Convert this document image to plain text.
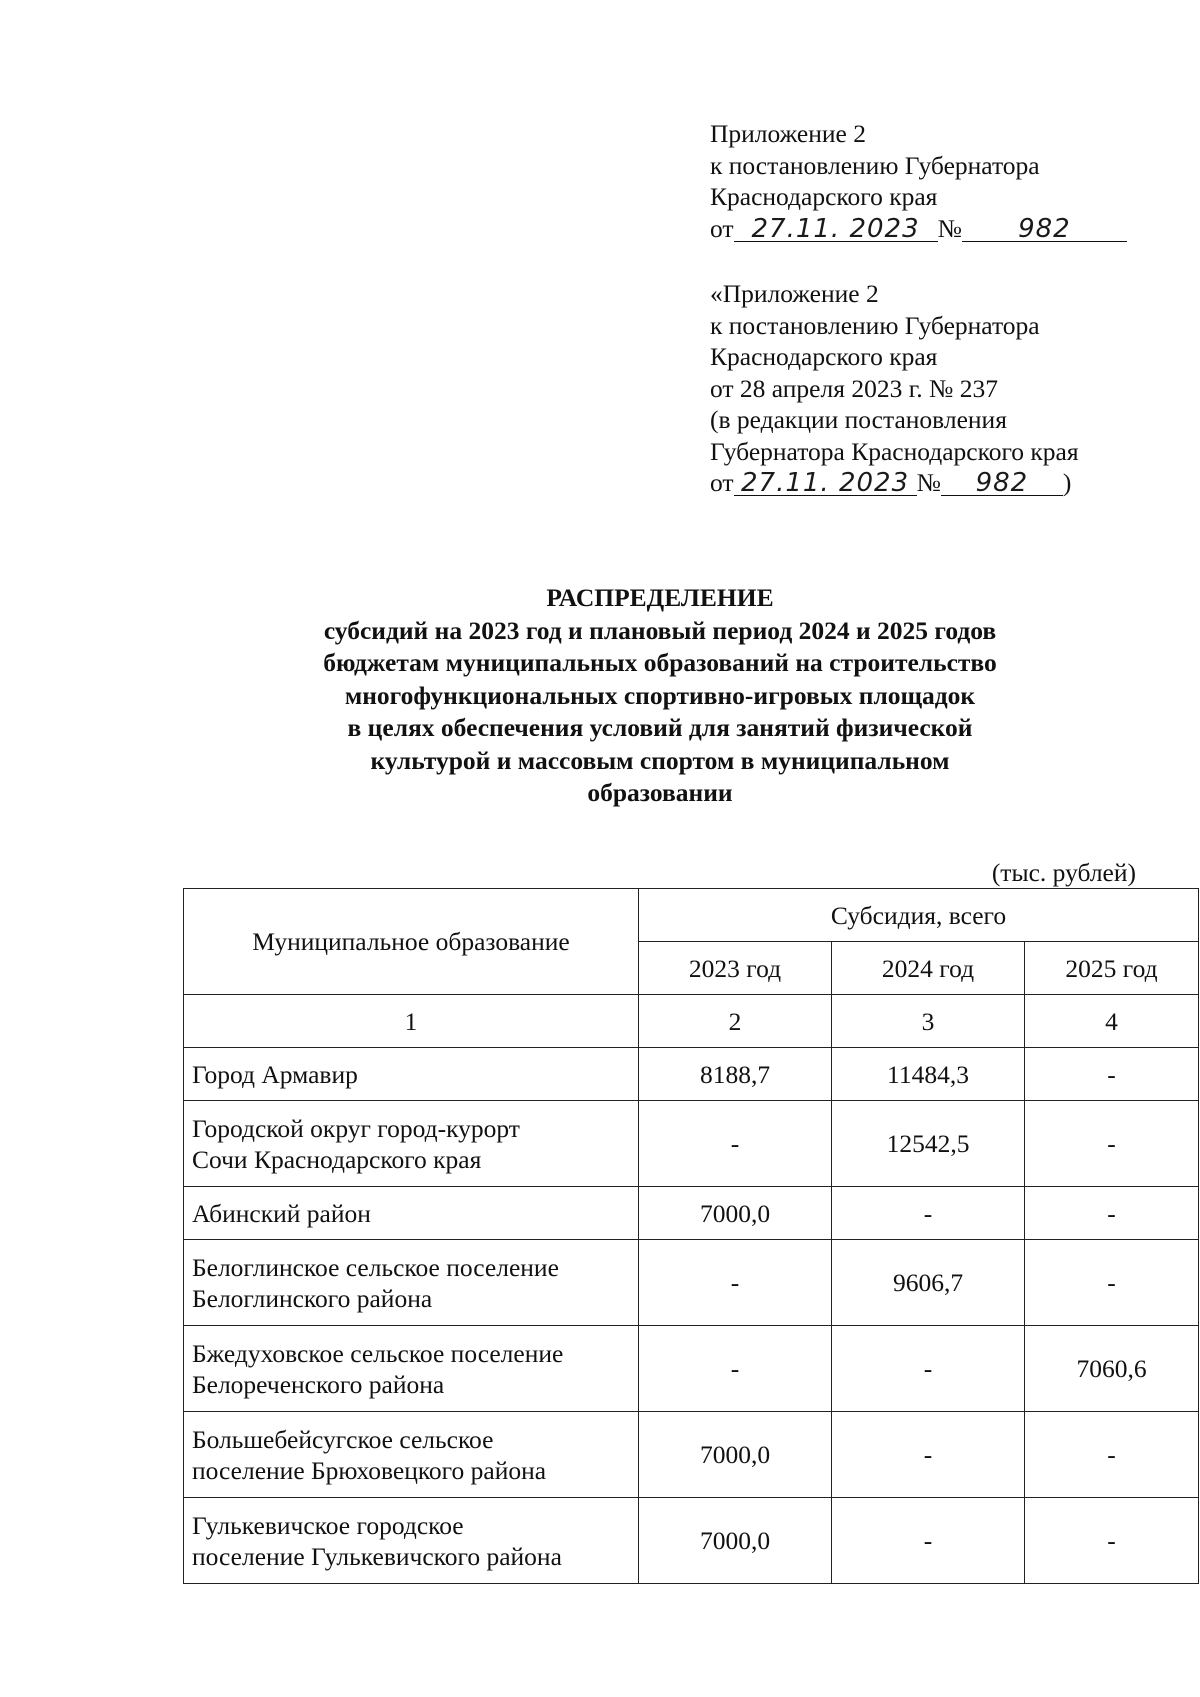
Приложение 2
к постановлению Губернатора
Краснодарского края
от 27.11. 2023 № 982
«Приложение 2
к постановлению Губернатора
Краснодарского края
от 28 апреля 2023 г. № 237
(в редакции постановления
Губернатора Краснодарского края
от 27.11. 2023 № 982 )
РАСПРЕДЕЛЕНИЕ
субсидий на 2023 год и плановый период 2024 и 2025 годов
бюджетам муниципальных образований на строительство
многофункциональных спортивно-игровых площадок
в целях обеспечения условий для занятий физической
культурой и массовым спортом в муниципальном
образовании
(тыс. рублей)
Муниципальное образование	Субсидия, всего		
	2023 год	2024 год	2025 год
1	2	3	4
Город Армавир	8188,7	11484,3	-

Городской округ город-курорт
Сочи Краснодарского края	-	12542,5	-
Абинский район	7000,0	-	-

Белоглинское сельское поселение
Белоглинского района	-	9606,7	-

Бжедуховское сельское поселение
Белореченского района	-	-	7060,6

Большебейсугское сельское
поселение Брюховецкого района	7000,0	-	-

Гулькевичское городское
поселение Гулькевичского района	7000,0	-	-
